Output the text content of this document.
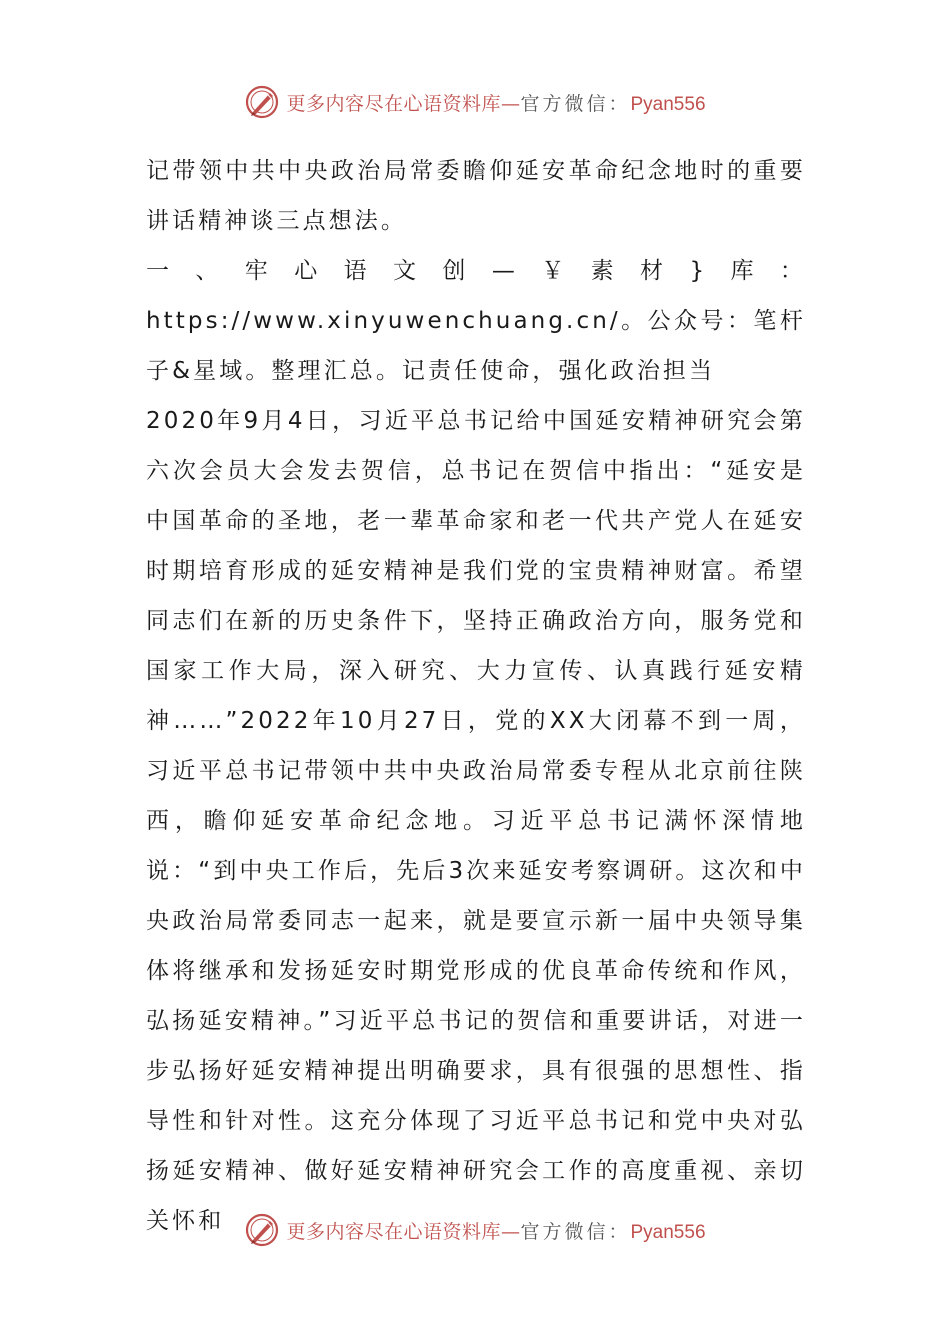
更多内容尽在心语资料库—官方微信：Pyan556

记带领中共中央政治局常委瞻仰延安革命纪念地时的重要讲话精神谈三点想法。

一、牢心语文创—￥素材}库：https://www.xinyuwenchuang.cn/。公众号：笔杆子&星域。整理汇总。记责任使命，强化政治担当

2020年9月4日，习近平总书记给中国延安精神研究会第六次会员大会发去贺信，总书记在贺信中指出：“延安是中国革命的圣地，老一辈革命家和老一代共产党人在延安时期培育形成的延安精神是我们党的宝贵精神财富。希望同志们在新的历史条件下，坚持正确政治方向，服务党和国家工作大局，深入研究、大力宣传、认真践行延安精神……”2022年10月27日，党的XX大闭幕不到一周，习近平总书记带领中共中央政治局常委专程从北京前往陕西，瞻仰延安革命纪念地。习近平总书记满怀深情地说：“到中央工作后，先后3次来延安考察调研。这次和中央政治局常委同志一起来，就是要宣示新一届中央领导集体将继承和发扬延安时期党形成的优良革命传统和作风，弘扬延安精神。”习近平总书记的贺信和重要讲话，对进一步弘扬好延安精神提出明确要求，具有很强的思想性、指导性和针对性。这充分体现了习近平总书记和党中央对弘扬延安精神、做好延安精神研究会工作的高度重视、亲切关怀和	更多内容尽在心语资料库—官方微信：Pyan556
